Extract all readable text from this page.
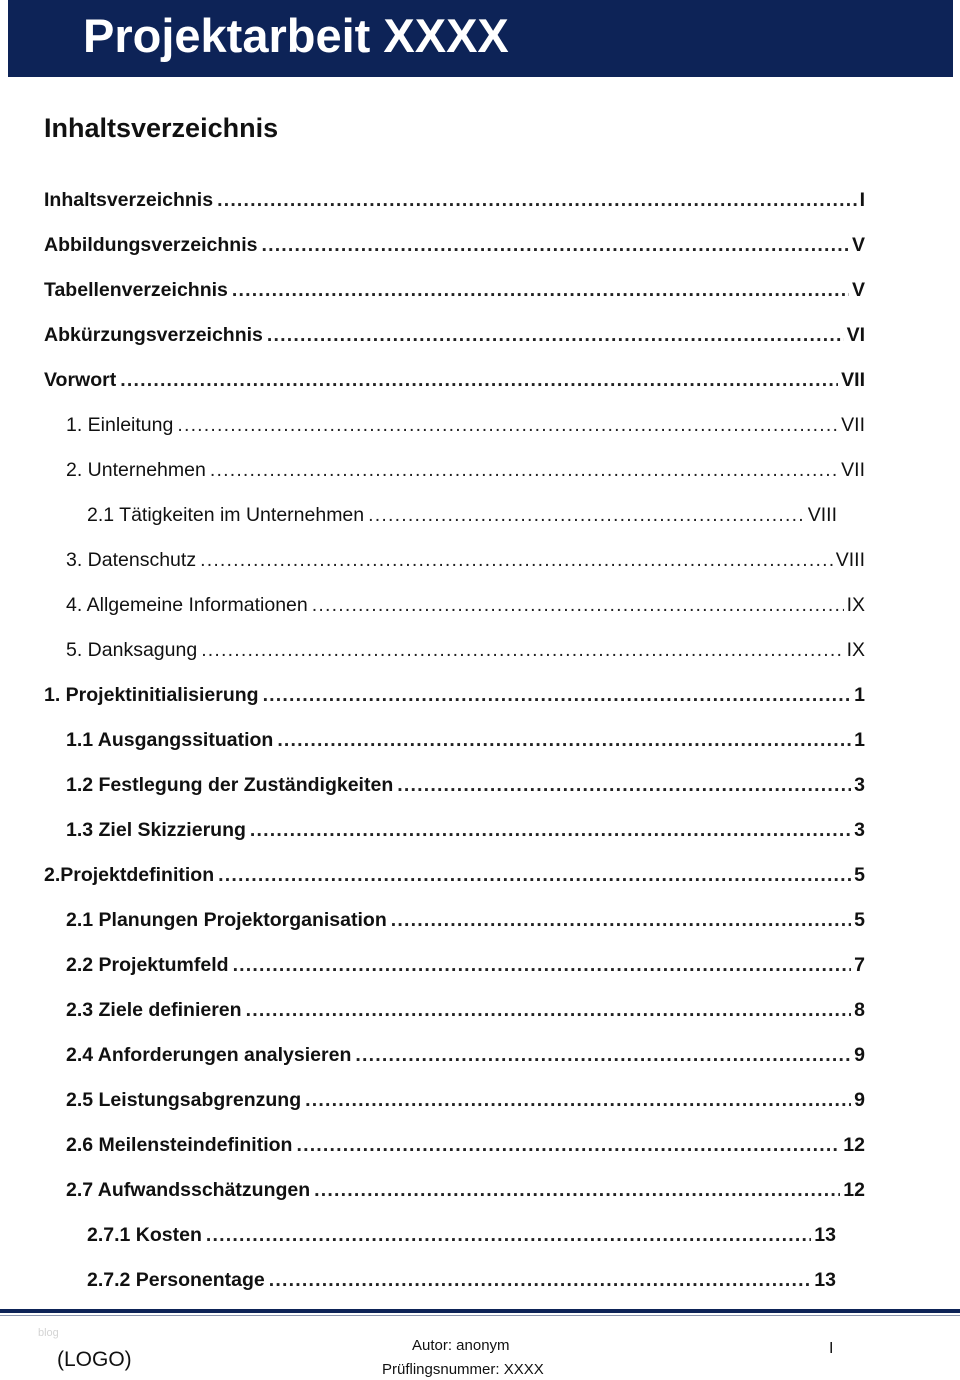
Projektarbeit XXXX
Inhaltsverzeichnis
Inhaltsverzeichnis .....	I
Abbildungsverzeichnis .....	V
Tabellenverzeichnis .....	V
Abkürzungsverzeichnis .....	VI
Vorwort .....	VII
1. Einleitung .....	VII
2. Unternehmen .....	VII
2.1 Tätigkeiten im Unternehmen .....	VIII
3. Datenschutz .....	VIII
4. Allgemeine Informationen .....	IX
5. Danksagung .....	IX
1. Projektinitialisierung .....	1
1.1 Ausgangssituation .....	1
1.2 Festlegung der Zuständigkeiten .....	3
1.3 Ziel Skizzierung .....	3
2.Projektdefinition .....	5
2.1 Planungen Projektorganisation .....	5
2.2 Projektumfeld .....	7
2.3 Ziele definieren .....	8
2.4 Anforderungen analysieren .....	9
2.5 Leistungsabgrenzung .....	9
2.6 Meilensteindefinition .....	12
2.7 Aufwandsschätzungen .....	12
2.7.1 Kosten .....	13
2.7.2 Personentage .....	13
blog
(LOGO)
Autor: anonym
Prüflingsnummer: XXXX
I
